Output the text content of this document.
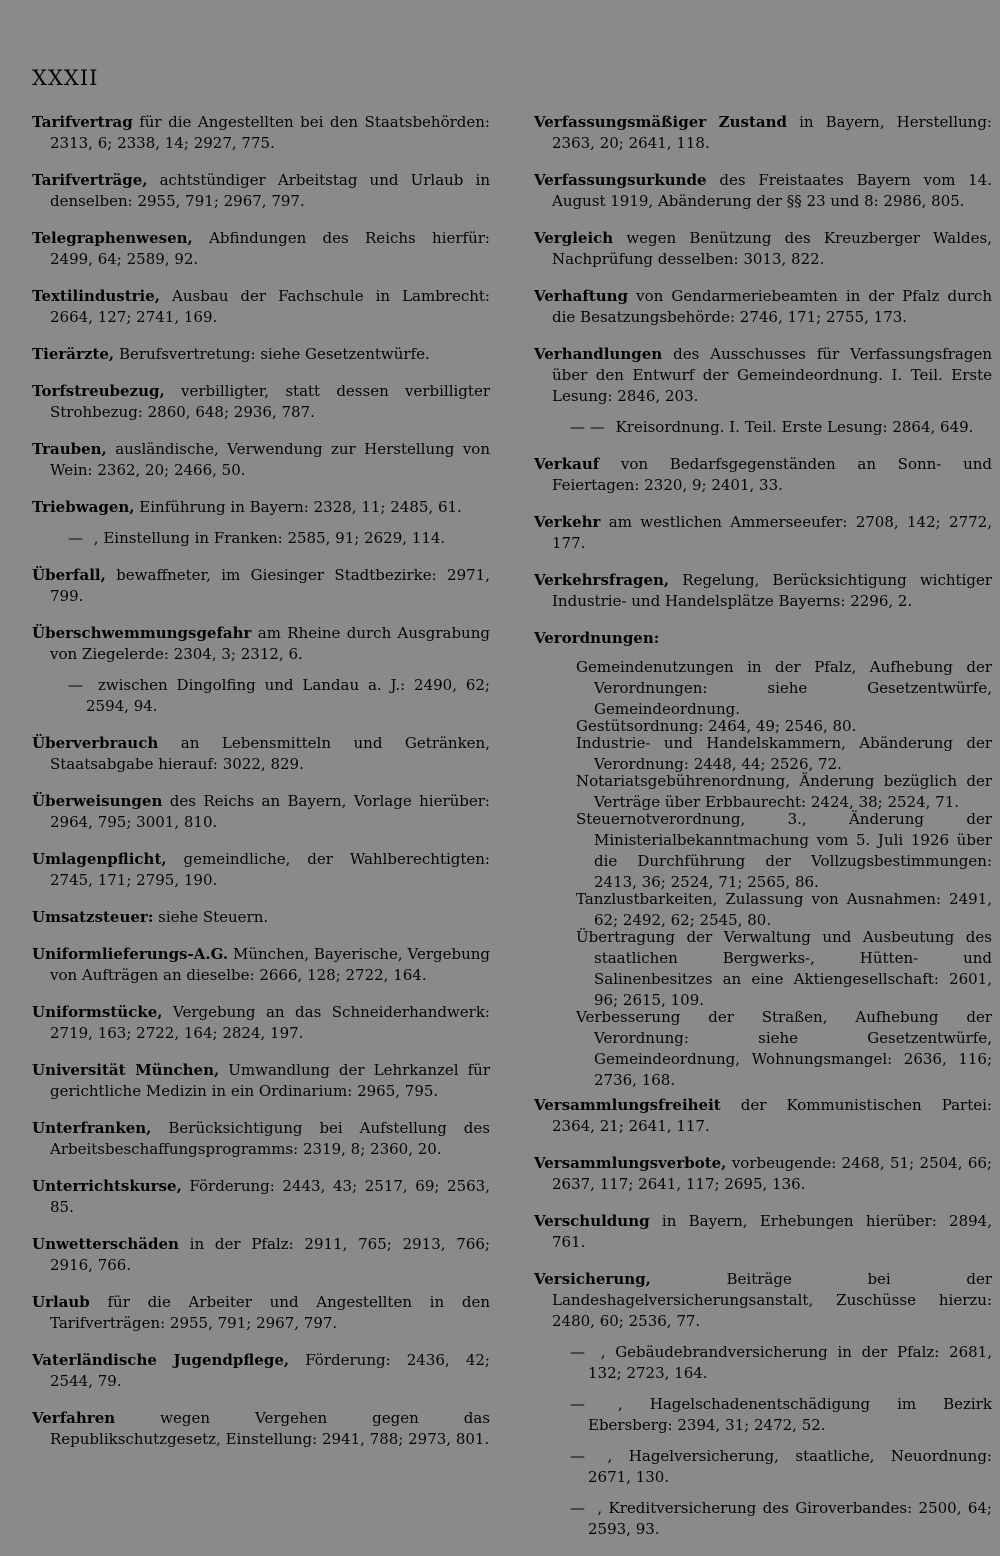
XXXII
Tarifvertrag für die Angestellten bei den Staatsbehörden: 2313, 6; 2338, 14; 2927, 775.
Tarifverträge, achtstündiger Arbeitstag und Urlaub in denselben: 2955, 791; 2967, 797.
Telegraphenwesen, Abfindungen des Reichs hierfür: 2499, 64; 2589, 92.
Textilindustrie, Ausbau der Fachschule in Lambrecht: 2664, 127; 2741, 169.
Tierärzte, Berufsvertretung: siehe Gesetzentwürfe.
Torfstreubezug, verbilligter, statt dessen verbilligter Strohbezug: 2860, 648; 2936, 787.
Trauben, ausländische, Verwendung zur Herstellung von Wein: 2362, 20; 2466, 50.
Triebwagen, Einführung in Bayern: 2328, 11; 2485, 61.
— , Einstellung in Franken: 2585, 91; 2629, 114.
Überfall, bewaffneter, im Giesinger Stadtbezirke: 2971, 799.
Überschwemmungsgefahr am Rheine durch Ausgrabung von Ziegelerde: 2304, 3; 2312, 6.
— zwischen Dingolfing und Landau a. J.: 2490, 62; 2594, 94.
Überverbrauch an Lebensmitteln und Getränken, Staatsabgabe hierauf: 3022, 829.
Überweisungen des Reichs an Bayern, Vorlage hierüber: 2964, 795; 3001, 810.
Umlagenpflicht, gemeindliche, der Wahlberechtigten: 2745, 171; 2795, 190.
Umsatzsteuer: siehe Steuern.
Uniformlieferungs-A.G. München, Bayerische, Vergebung von Aufträgen an dieselbe: 2666, 128; 2722, 164.
Uniformstücke, Vergebung an das Schneiderhandwerk: 2719, 163; 2722, 164; 2824, 197.
Universität München, Umwandlung der Lehrkanzel für gerichtliche Medizin in ein Ordinarium: 2965, 795.
Unterfranken, Berücksichtigung bei Aufstellung des Arbeitsbeschaffungsprogramms: 2319, 8; 2360, 20.
Unterrichtskurse, Förderung: 2443, 43; 2517, 69; 2563, 85.
Unwetterschäden in der Pfalz: 2911, 765; 2913, 766; 2916, 766.
Urlaub für die Arbeiter und Angestellten in den Tarifverträgen: 2955, 791; 2967, 797.
Vaterländische Jugendpflege, Förderung: 2436, 42; 2544, 79.
Verfahren	wegen Vergehen gegen das Republikschutzgesetz, Einstellung: 2941, 788; 2973, 801.
Verfassungsmäßiger Zustand in Bayern, Herstellung: 2363, 20; 2641, 118.
Verfassungsurkunde des Freistaates Bayern vom 14. August 1919, Abänderung der §§ 23 und 8: 2986, 805.
Vergleich wegen Benützung des Kreuzberger Waldes, Nachprüfung desselben: 3013, 822.
Verhaftung von Gendarmeriebeamten in der Pfalz durch die Besatzungsbehörde: 2746, 171; 2755, 173.
Verhandlungen des Ausschusses für Verfassungsfragen über den Entwurf der Gemeindeordnung. I. Teil. Erste Lesung: 2846, 203.
— — Kreisordnung. I. Teil. Erste Lesung: 2864, 649.
Verkauf von Bedarfsgegenständen an Sonn- und Feiertagen: 2320, 9; 2401, 33.
Verkehr am westlichen Ammerseeufer: 2708, 142; 2772, 177.
Verkehrsfragen, Regelung, Berücksichtigung wichtiger Industrie- und Handelsplätze Bayerns: 2296, 2.
Verordnungen:
Gemeindenutzungen in der Pfalz, Aufhebung der Verordnungen: siehe Gesetzentwürfe, Gemeindeordnung.
Gestütsordnung: 2464, 49; 2546, 80.
Industrie- und Handelskammern, Abänderung der Verordnung: 2448, 44; 2526, 72.
Notariatsgebührenordnung, Änderung bezüglich der Verträge über Erbbaurecht: 2424, 38; 2524, 71.
Steuernotverordnung, 3., Änderung der Ministerialbekanntmachung vom 5. Juli 1926 über die Durchführung der Vollzugsbestimmungen: 2413, 36; 2524, 71; 2565, 86.
Tanzlustbarkeiten, Zulassung von Ausnahmen: 2491, 62; 2492, 62; 2545, 80.
Übertragung der Verwaltung und Ausbeutung des staatlichen Bergwerks-, Hütten- und Salinenbesitzes an eine Aktiengesellschaft: 2601, 96; 2615, 109.
Verbesserung der Straßen, Aufhebung der Verordnung: siehe Gesetzentwürfe, Gemeindeordnung, Wohnungsmangel: 2636, 116; 2736, 168.
Versammlungsfreiheit der Kommunistischen Partei: 2364, 21; 2641, 117.
Versammlungsverbote, vorbeugende: 2468, 51; 2504, 66; 2637, 117; 2641, 117; 2695, 136.
Verschuldung in Bayern, Erhebungen hierüber: 2894, 761.
Versicherung,	Beiträge bei der Landeshagelversicherungsanstalt, Zuschüsse hierzu: 2480, 60; 2536, 77.
— , Gebäudebrandversicherung in der Pfalz: 2681, 132; 2723, 164.
— , Hagelschadenentschädigung im Bezirk Ebersberg: 2394, 31; 2472, 52.
— , Hagelversicherung, staatliche, Neuordnung: 2671, 130.
— , Kreditversicherung des Giroverbandes: 2500, 64; 2593, 93.
